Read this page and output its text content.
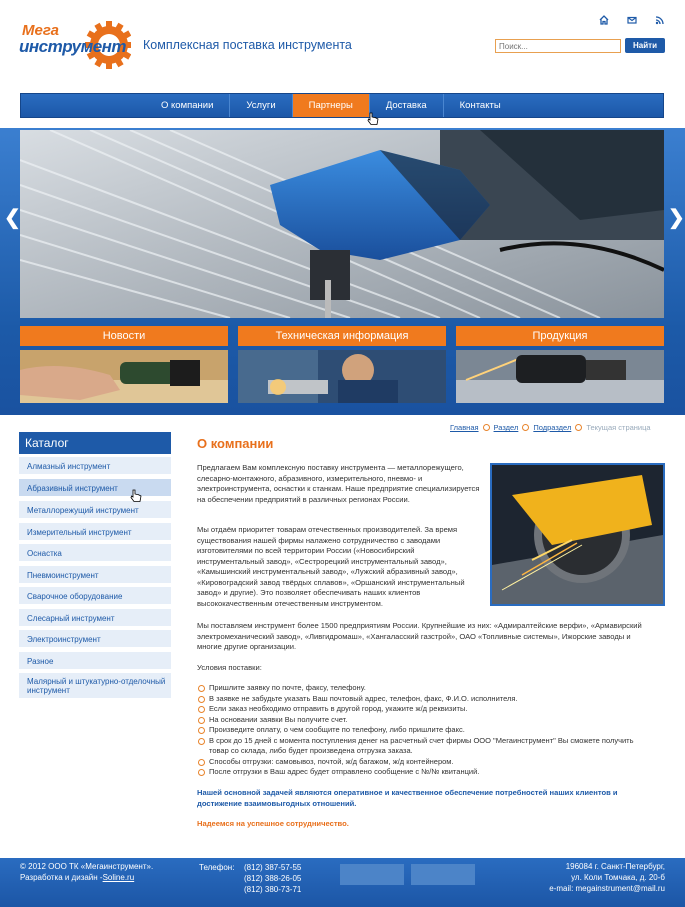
Мега
инструмент Комплексная поставка инструмента
Поиск...	Найти
О компании	Услуги	Партнеры	Доставка	Контакты
❮	❯
Новости	Техническая информация	Продукция
Каталог
Алмазный инструмент
Абразивный инструмент
Металлорежущий инструмент
Измерительный инструмент
Оснастка
Пневмоинструмент
Сварочное оборудование
Слесарный инструмент
Электроинструмент
Разное
Малярный и штукатурно-отделочный инструмент
Главная Раздел Подраздел Текущая страница
О компании

Предлагаем Вам комплексную поставку инструмента — металлорежущего, слесарно-монтажного, абразивного, измерительного, пневмо- и электроинструмента, оснастки к станкам. Наше предприятие специализируется на обеспечении предприятий в различных регионах России.

Мы отдаём приоритет товарам отечественных производителей. За время существования нашей фирмы налажено сотрудничество с заводами изготовителями по всей территории России («Новосибирский инструментальный завод», «Сестрорецкий инструментальный завод», «Камышинский инструментальный завод», «Лужский абразивный завод», «Кировоградский завод твёрдых сплавов», «Оршанский инструментальный завод» и другие). Это позволяет обеспечивать наших клиентов высококачественным отечественным инструментом.

Мы поставляем инструмент более 1500 предприятиям России. Крупнейшие из них: «Адмиралтейские верфи», «Армавирский электромеханический завод», «Ливгидромаш», «Хангаласский газстрой», ОАО «Топливные системы», Ижорские заводы и многие другие организации.

Условия поставки:
Пришлите заявку по почте, факсу, телефону.
В заявке не забудьте указать Ваш почтовый адрес, телефон, факс, Ф.И.О. исполнителя.
Если заказ необходимо отправить в другой город, укажите ж/д реквизиты.
На основании заявки Вы получите счет.
Произведите оплату, о чем сообщите по телефону, либо пришлите факс.
В срок до 15 дней с момента поступления денег на расчетный счет фирмы ООО "Мегаинструмент" Вы сможете получить товар со склада, либо будет произведена отгрузка заказа.
Способы отгрузки: самовывоз, почтой, ж/д багажом, ж/д контейнером.
После отгрузки в Ваш адрес будет отправлено сообщение с №/№ квитанций.
Нашей основной задачей являются оперативное и качественное обеспечение потребностей наших клиентов и достижение взаимовыгодных отношений.
Надеемся на успешное сотрудничество.
© 2012 ООО ТК «Мегаинструмент».
Разработка и дизайн -Soline.ru
Телефон: (812) 387-57-55
(812) 388-26-05
(812) 380-73-71
196084 г. Санкт-Петербург,
ул. Коли Томчака, д. 20-б
e-mail: megainstrument@mail.ru
